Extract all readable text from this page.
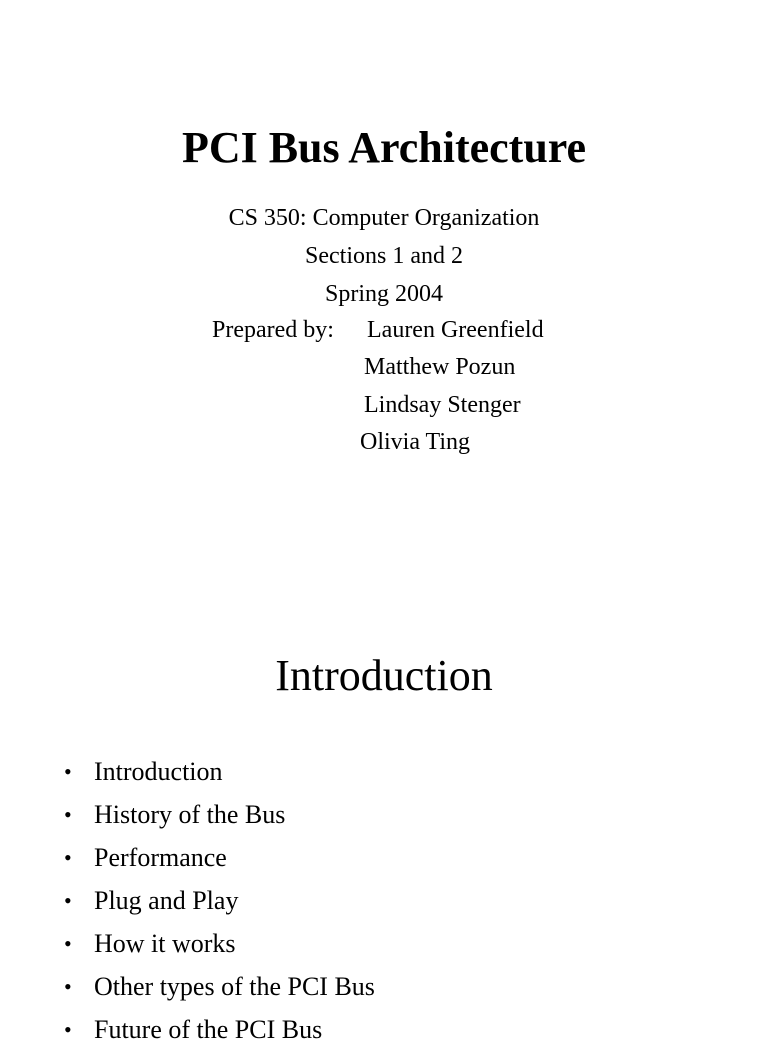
PCI Bus Architecture

CS 350: Computer Organization

Sections 1 and 2

Spring 2004

Prepared by: Lauren Greenfield
Matthew Pozun
Lindsay Stenger
Olivia Ting
Introduction
• Introduction
• History of the Bus
• Performance
• Plug and Play
• How it works
• Other types of the PCI Bus
• Future of the PCI Bus
